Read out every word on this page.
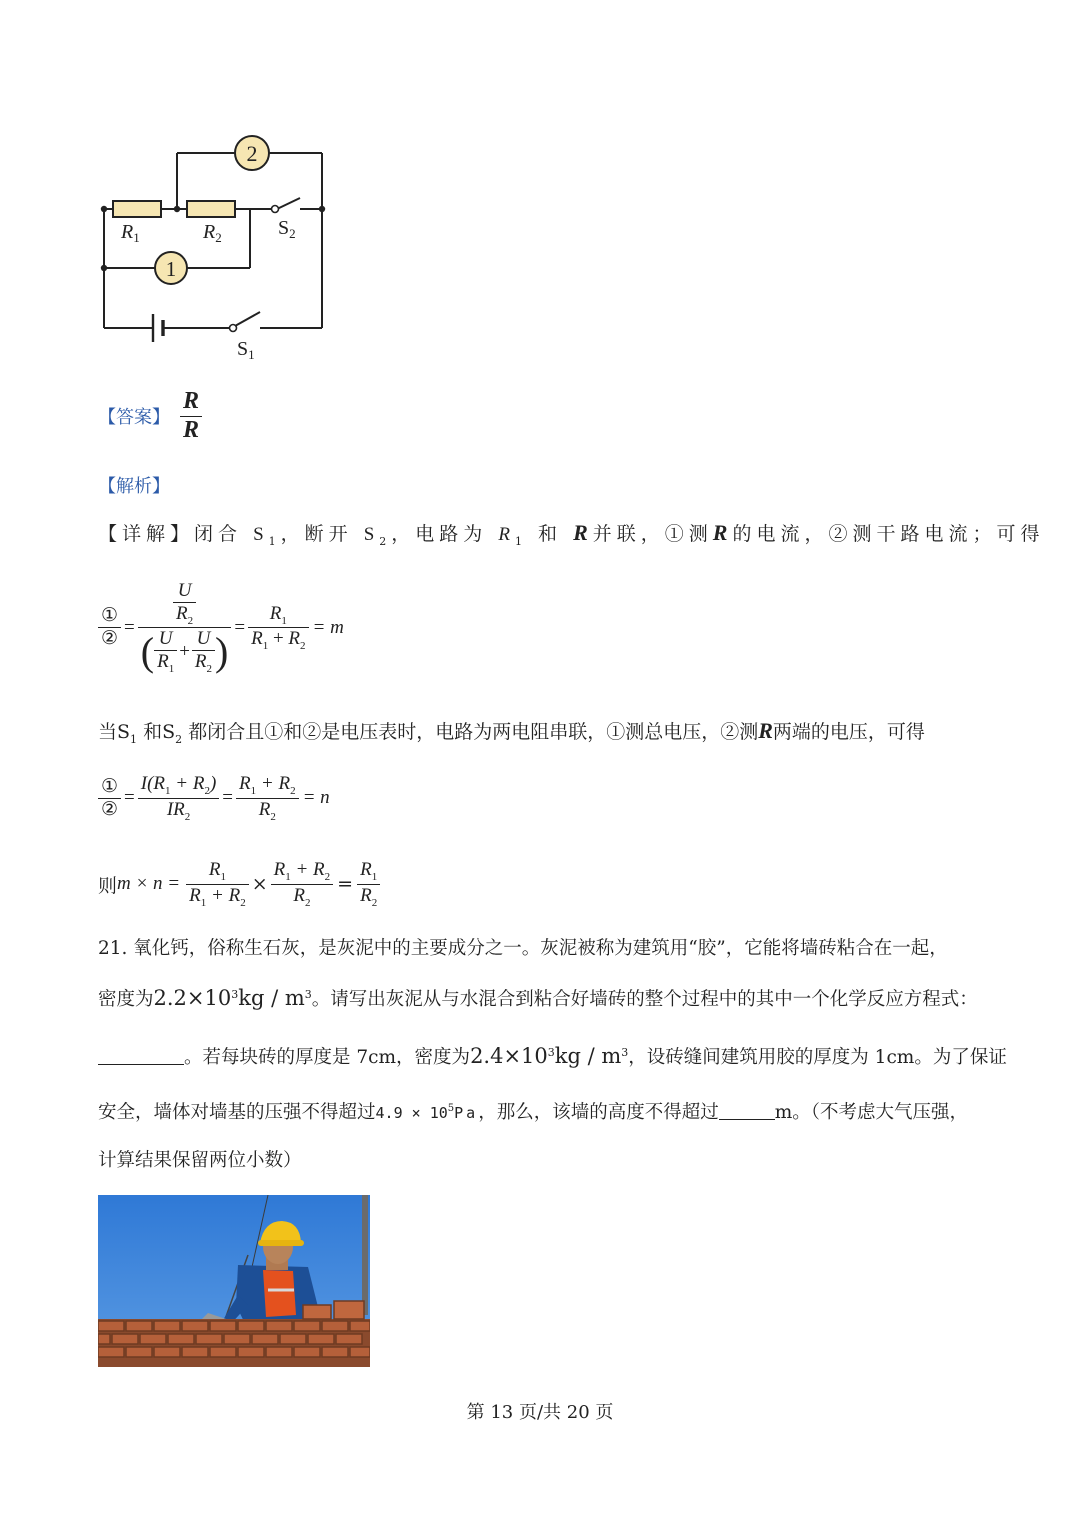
2
1
$R_1$	$R_2$	$S_2$
$S_1$
【答案】 $\frac{R}{R}$
【解析】
【详解】闭合 $S_1$，断开 $S_2$，电路为 $R_1$ 和 R并联，①测R的电流，②测干路电流；可得
$\frac{\text{①}}{\text{②}} = \frac{\frac{U}{R_2}}{( \frac{U}{R_1} + \frac{U}{R_2} )} = \frac{R_1}{R_1 + R_2} = m$
当$S_1$ 和$S_2$ 都闭合且①和②是电压表时，电路为两电阻串联，①测总电压，②测R两端的电压，可得
$\frac{\text{①}}{\text{②}} = \frac{I(R_1 + R_2)}{IR_2} = \frac{R_1 + R_2}{R_2} = n$
则 $m \times n = \frac{R_1}{R_1 + R_2} \times \frac{R_1 + R_2}{R_2} = \frac{R_1}{R_2}$
21. 氧化钙，俗称生石灰，是灰泥中的主要成分之一。灰泥被称为建筑用“胶”，它能将墙砖粘合在一起，
密度为$2.2\times 10^3kg / m^3$。请写出灰泥从与水混合到粘合好墙砖的整个过程中的其中一个化学反应方程式：
。若每块砖的厚度是 7cm，密度为$2.4\times 10^3kg / m^3$，设砖缝间建筑用胶的厚度为 1cm。为了保证
安全，墙体对墙基的压强不得超过$4.9 \times 10^5Pa$，那么，该墙的高度不得超过	m。（不考虑大气压强，
计算结果保留两位小数）
第 13 页/共 20 页
